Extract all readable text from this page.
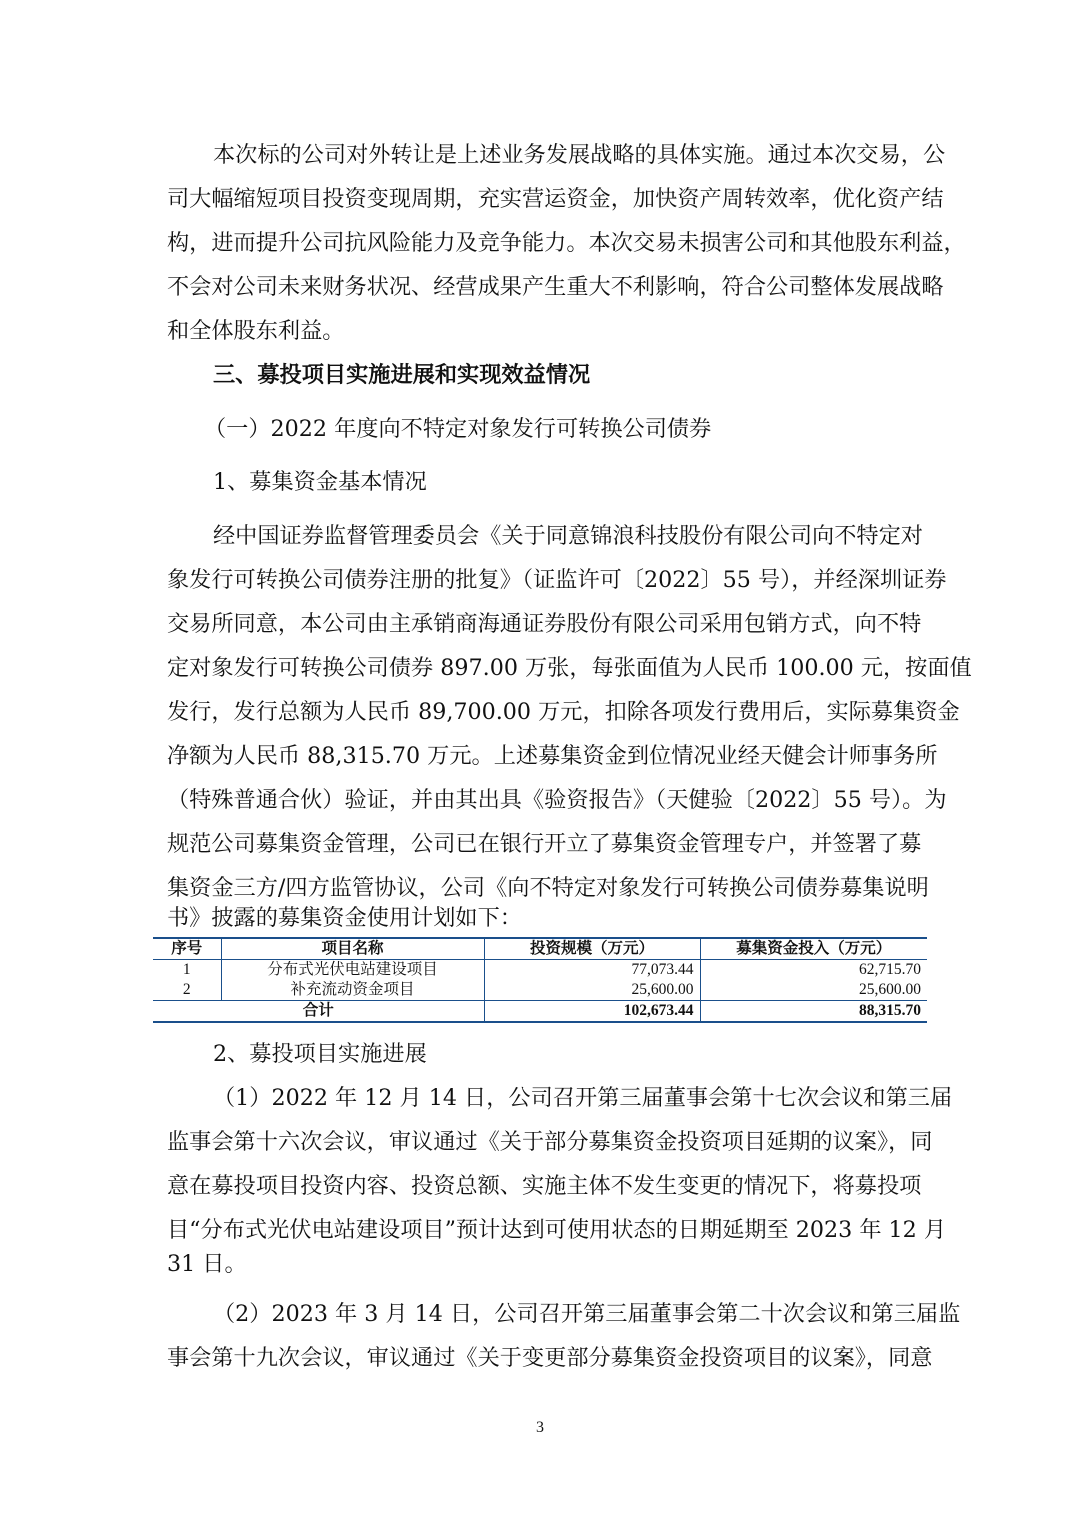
本次标的公司对外转让是上述业务发展战略的具体实施。通过本次交易，公

司大幅缩短项目投资变现周期，充实营运资金，加快资产周转效率，优化资产结

构，进而提升公司抗风险能力及竞争能力。本次交易未损害公司和其他股东利益，

不会对公司未来财务状况、经营成果产生重大不利影响，符合公司整体发展战略

和全体股东利益。

三、募投项目实施进展和实现效益情况

（一）2022 年度向不特定对象发行可转换公司债券

1、募集资金基本情况

经中国证券监督管理委员会《关于同意锦浪科技股份有限公司向不特定对

象发行可转换公司债券注册的批复》（证监许可〔2022〕55 号），并经深圳证券

交易所同意，本公司由主承销商海通证券股份有限公司采用包销方式，向不特

定对象发行可转换公司债券 897.00 万张，每张面值为人民币 100.00 元，按面值

发行，发行总额为人民币 89,700.00 万元，扣除各项发行费用后，实际募集资金

净额为人民币 88,315.70 万元。上述募集资金到位情况业经天健会计师事务所

（特殊普通合伙）验证，并由其出具《验资报告》（天健验〔2022〕55 号）。为

规范公司募集资金管理，公司已在银行开立了募集资金管理专户，并签署了募

集资金三方/四方监管协议，公司《向不特定对象发行可转换公司债券募集说明

书》披露的募集资金使用计划如下：

序号	项目名称	投资规模（万元）	募集资金投入（万元）
1	分布式光伏电站建设项目	77,073.44	62,715.70
2	补充流动资金项目	25,600.00	25,600.00
合计		102,673.44	88,315.70

2、募投项目实施进展

（1）2022 年 12 月 14 日，公司召开第三届董事会第十七次会议和第三届

监事会第十六次会议，审议通过《关于部分募集资金投资项目延期的议案》，同

意在募投项目投资内容、投资总额、实施主体不发生变更的情况下，将募投项

目“分布式光伏电站建设项目”预计达到可使用状态的日期延期至 2023 年 12 月

31 日。

（2）2023 年 3 月 14 日，公司召开第三届董事会第二十次会议和第三届监

事会第十九次会议，审议通过《关于变更部分募集资金投资项目的议案》，同意

3
